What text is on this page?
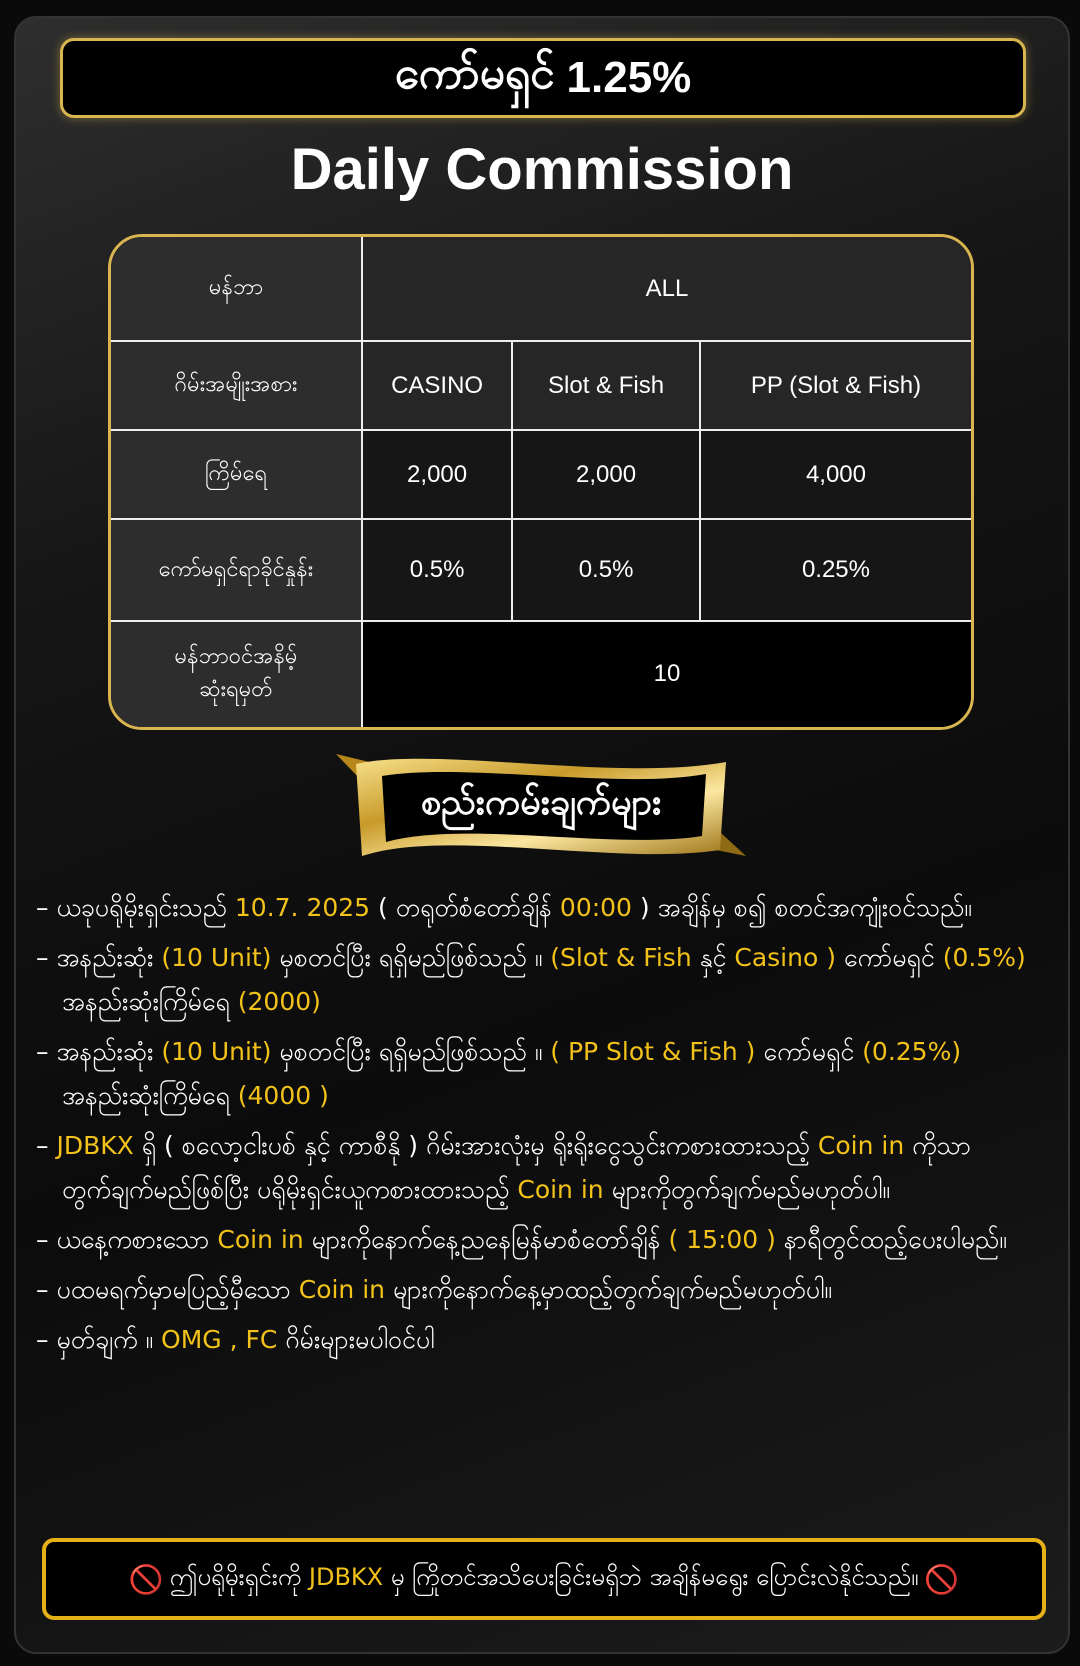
ကော်မရှင် 1.25%
Daily Commission
မန်ဘာ	ALL		
ဂိမ်းအမျိုးအစား	CASINO	Slot & Fish	PP (Slot & Fish)
ကြိမ်ရေ	2,000	2,000	4,000
ကော်မရှင်ရာခိုင်နှုန်း	0.5%	0.5%	0.25%

မန်ဘာဝင်အနိမ့်
ဆုံးရမှတ်	10		
စည်းကမ်းချက်များ
– ယခုပရိုမိုးရှင်းသည် 10.7. 2025 ( တရုတ်စံတော်ချိန် 00:00 ) အချိန်မှ စ၍ စတင်အကျုံးဝင်သည်။
– အနည်းဆုံး (10 Unit) မှစတင်ပြီး ရရှိမည်ဖြစ်သည် ။ (Slot & Fish နှင့် Casino ) ကော်မရှင် (0.5%) အနည်းဆုံးကြိမ်ရေ (2000)
– အနည်းဆုံး (10 Unit) မှစတင်ပြီး ရရှိမည်ဖြစ်သည် ။ ( PP Slot & Fish ) ကော်မရှင် (0.25%) အနည်းဆုံးကြိမ်ရေ (4000 )
– JDBKX ရှိ ( စလော့ငါးပစ် နှင့် ကာစီနို ) ဂိမ်းအားလုံးမှ ရိုးရိုးငွေသွင်းကစားထားသည့် Coin in ကိုသာ တွက်ချက်မည်ဖြစ်ပြီး ပရိုမိုးရှင်းယူကစားထားသည့် Coin in များကိုတွက်ချက်မည်မဟုတ်ပါ။
– ယနေ့ကစားသော Coin in များကိုနောက်နေ့ညနေမြန်မာစံတော်ချိန် ( 15:00 ) နာရီတွင်ထည့်ပေးပါမည်။
– ပထမရက်မှာမပြည့်မှီသော Coin in များကိုနောက်နေ့မှာထည့်တွက်ချက်မည်မဟုတ်ပါ။
– မှတ်ချက် ။ OMG , FC ဂိမ်းများမပါဝင်ပါ
🚫 ဤပရိုမိုးရှင်းကို JDBKX မှ ကြိုတင်အသိပေးခြင်းမရှိဘဲ အချိန်မရွေး ပြောင်းလဲနိုင်သည်။ 🚫
